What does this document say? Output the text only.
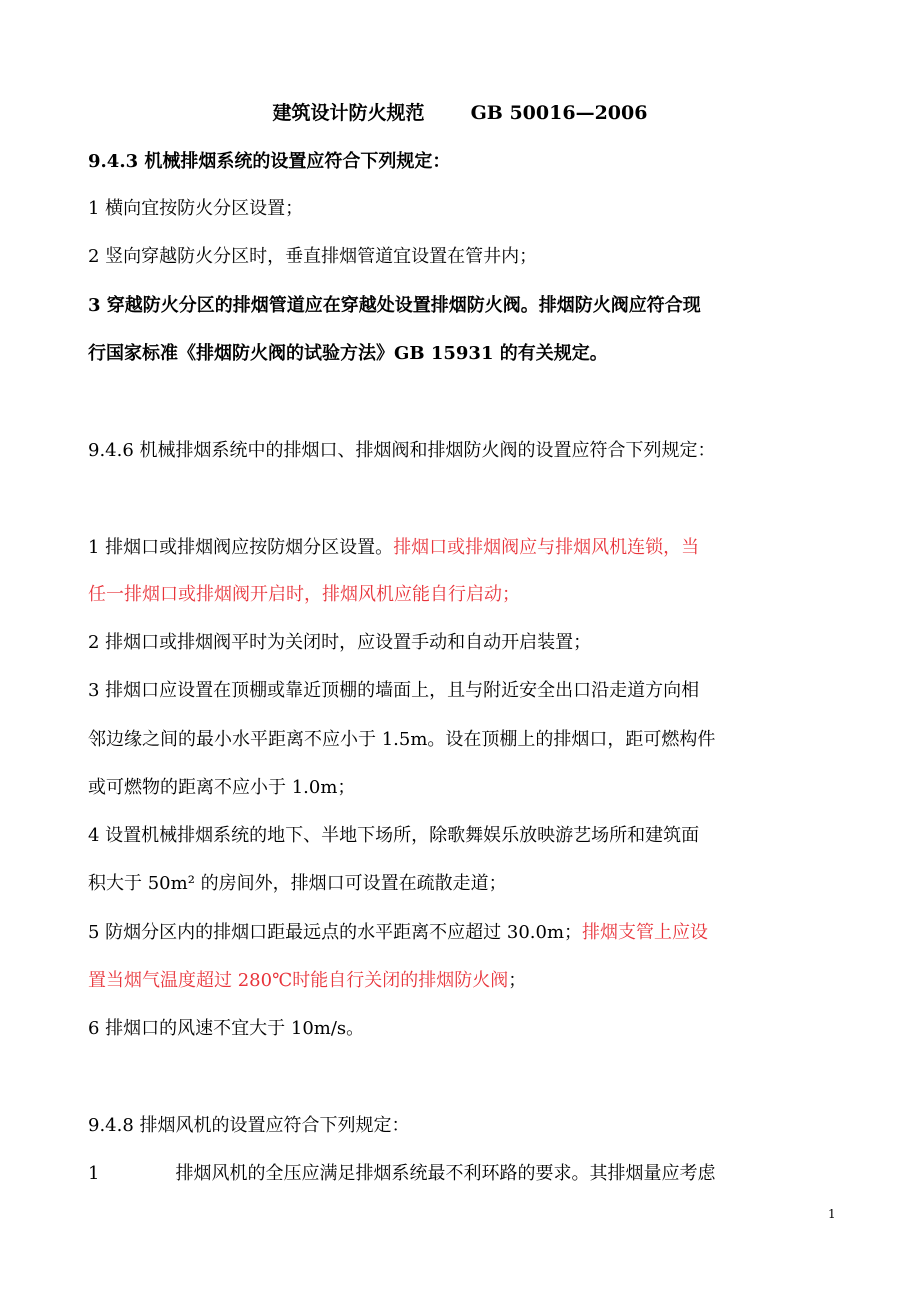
建筑设计防火规范 GB 50016—2006
9.4.3 机械排烟系统的设置应符合下列规定：
1 横向宜按防火分区设置；
2 竖向穿越防火分区时，垂直排烟管道宜设置在管井内；
3 穿越防火分区的排烟管道应在穿越处设置排烟防火阀。排烟防火阀应符合现
行国家标准《排烟防火阀的试验方法》GB 15931 的有关规定。
9.4.6 机械排烟系统中的排烟口、排烟阀和排烟防火阀的设置应符合下列规定：
1 排烟口或排烟阀应按防烟分区设置。排烟口或排烟阀应与排烟风机连锁，当
任一排烟口或排烟阀开启时，排烟风机应能自行启动；
2 排烟口或排烟阀平时为关闭时，应设置手动和自动开启装置；
3 排烟口应设置在顶棚或靠近顶棚的墙面上，且与附近安全出口沿走道方向相
邻边缘之间的最小水平距离不应小于 1.5m。设在顶棚上的排烟口，距可燃构件
或可燃物的距离不应小于 1.0m；
4 设置机械排烟系统的地下、半地下场所，除歌舞娱乐放映游艺场所和建筑面
积大于 50m² 的房间外，排烟口可设置在疏散走道；
5 防烟分区内的排烟口距最远点的水平距离不应超过 30.0m；排烟支管上应设
置当烟气温度超过 280℃时能自行关闭的排烟防火阀；
6 排烟口的风速不宜大于 10m/s。
9.4.8 排烟风机的设置应符合下列规定：
1	排烟风机的全压应满足排烟系统最不利环路的要求。其排烟量应考虑
1
